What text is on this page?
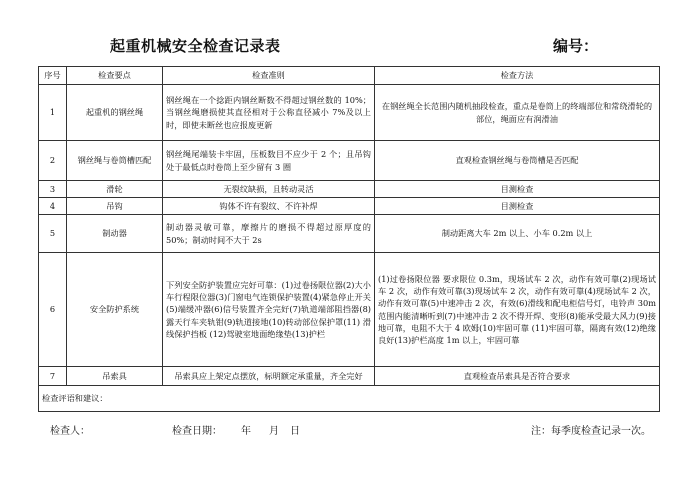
起重机械安全检查记录表	编号：
序号	检查要点	检查准则	检查方法
1	起重机的钢丝绳	钢丝绳在一个捻距内钢丝断数不得超过钢丝数的 10%；当钢丝绳磨损使其直径相对于公称直径减小 7%及以上时，即使未断丝也应报废更新	在钢丝绳全长范围内随机抽段检查，重点是卷筒上的终端部位和常绕滑轮的部位，绳面应有润滑油
2	钢丝绳与卷筒槽匹配	钢丝绳尾端装卡牢固，压板数目不应少于 2 个；且吊钩处于最低点时卷筒上至少留有 3 圈	直观检查钢丝绳与卷筒槽是否匹配
3	滑轮	无裂纹缺损，且转动灵活	目测检查
4	吊钩	钩体不许有裂纹、不许补焊	目测检查
5	制动器	制动器灵敏可靠，摩擦片的磨损不得超过原厚度的 50%；制动时间不大于 2s	制动距离大车 2m 以上、小车 0.2m 以上
6	安全防护系统	下列安全防护装置应完好可靠：(1)过卷扬限位器(2)大小车行程限位器(3)门窗电气连锁保护装置(4)紧急停止开关(5)端缓冲器(6)信号装置齐全完好(7)轨道端部阻挡器(8)露天行车夹轨钳(9)轨道接地(10)转动部位保护罩(11) 滑线保护挡板 (12)驾驶室地面绝缘垫(13)护栏	(1)过卷扬限位器 要求限位 0.3m，现场试车 2 次，动作有效可靠(2)现场试车 2 次，动作有效可靠(3)现场试车 2 次，动作有效可靠(4)现场试车 2 次，动作有效可靠(5)中速冲击 2 次，有效(6)滑线和配电柜信号灯，电铃声 30m 范围内能清晰听到(7)中速冲击 2 次不得开焊、变形(8)能承受最大风力(9)接地可靠，电阻不大于 4 欧姆(10)牢固可靠 (11)牢固可靠，隔离有效(12)绝缘良好(13)护栏高度 1m 以上，牢固可靠
7	吊索具	吊索具应上架定点摆放，标明额定承重量，齐全完好	直观检查吊索具是否符合要求
检查评语和建议：			
检查人：	检查日期： 年 月 日	注：每季度检查记录一次。
